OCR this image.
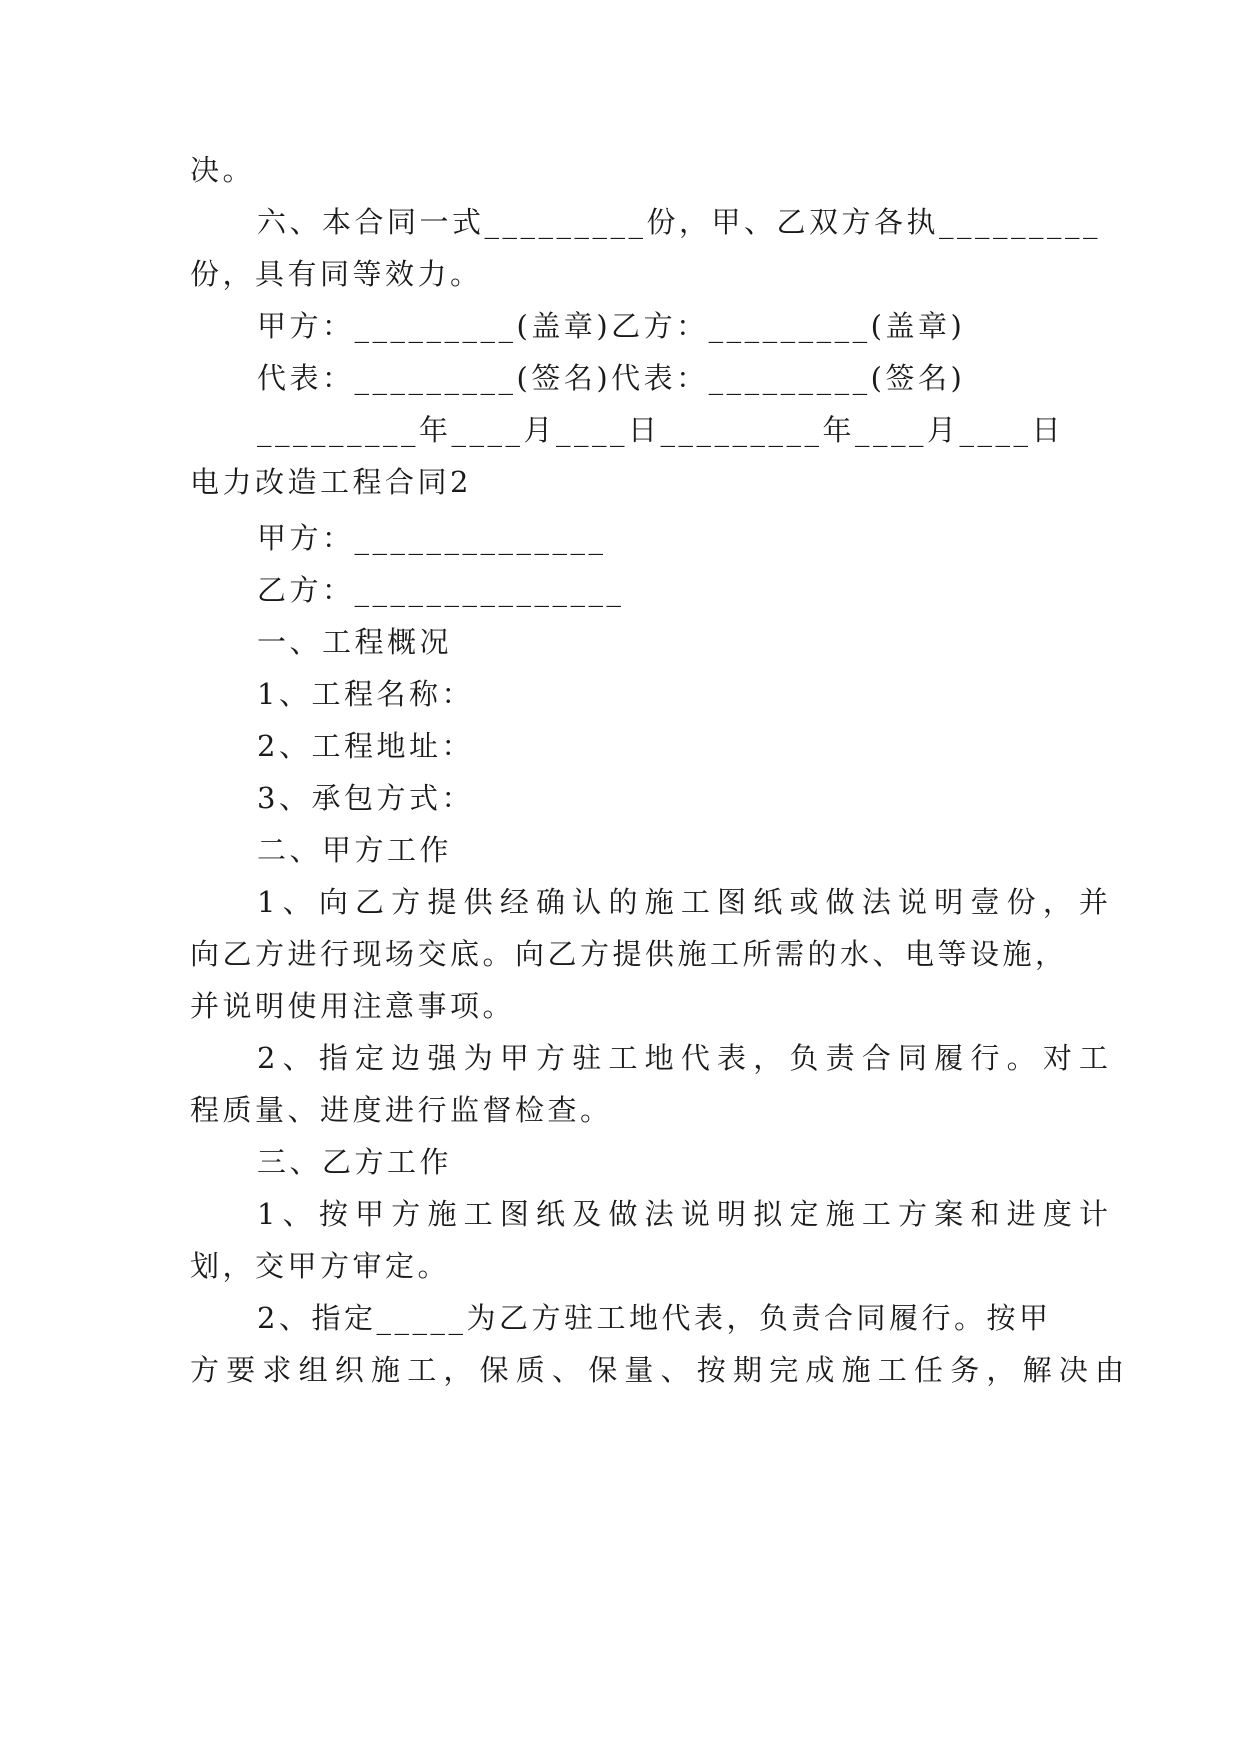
决。
六、本合同一式_________份，甲、乙双方各执_________
份，具有同等效力。
甲方：_________(盖章)乙方：_________(盖章)
代表：_________(签名)代表：_________(签名)
_________年____月____日_________年____月____日
电力改造工程合同2
甲方：______________
乙方：_______________
一、工程概况
1、工程名称：
2、工程地址：
3、承包方式：
二、甲方工作
1、向乙方提供经确认的施工图纸或做法说明壹份，并
向乙方进行现场交底。向乙方提供施工所需的水、电等设施，
并说明使用注意事项。
2、指定边强为甲方驻工地代表，负责合同履行。对工
程质量、进度进行监督检查。
三、乙方工作
1、按甲方施工图纸及做法说明拟定施工方案和进度计
划，交甲方审定。
2、指定_____为乙方驻工地代表，负责合同履行。按甲
方要求组织施工，保质、保量、按期完成施工任务，解决由
